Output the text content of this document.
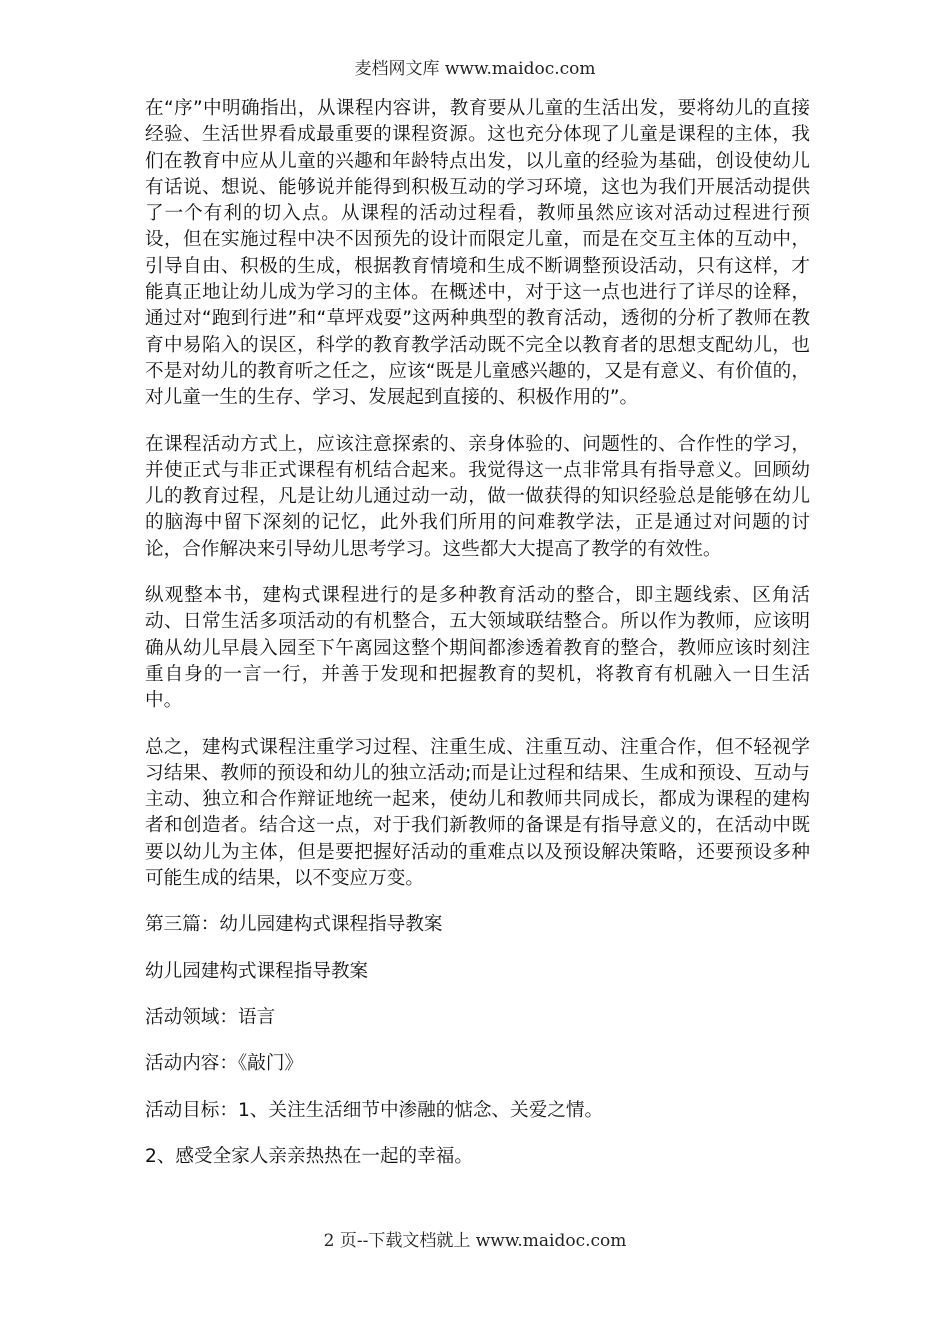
麦档网文库 www.maidoc.com

在“序”中明确指出，从课程内容讲，教育要从儿童的生活出发，要将幼儿的直接经验、生活世界看成最重要的课程资源。这也充分体现了儿童是课程的主体，我们在教育中应从儿童的兴趣和年龄特点出发，以儿童的经验为基础，创设使幼儿有话说、想说、能够说并能得到积极互动的学习环境，这也为我们开展活动提供了一个有利的切入点。从课程的活动过程看，教师虽然应该对活动过程进行预设，但在实施过程中决不因预先的设计而限定儿童，而是在交互主体的互动中，引导自由、积极的生成，根据教育情境和生成不断调整预设活动，只有这样，才能真正地让幼儿成为学习的主体。在概述中，对于这一点也进行了详尽的诠释，通过对“跑到行进”和“草坪戏耍”这两种典型的教育活动，透彻的分析了教师在教育中易陷入的误区，科学的教育教学活动既不完全以教育者的思想支配幼儿，也不是对幼儿的教育听之任之，应该“既是儿童感兴趣的，又是有意义、有价值的，对儿童一生的生存、学习、发展起到直接的、积极作用的”。

在课程活动方式上，应该注意探索的、亲身体验的、问题性的、合作性的学习，并使正式与非正式课程有机结合起来。我觉得这一点非常具有指导意义。回顾幼儿的教育过程，凡是让幼儿通过动一动，做一做获得的知识经验总是能够在幼儿的脑海中留下深刻的记忆，此外我们所用的问难教学法，正是通过对问题的讨论，合作解决来引导幼儿思考学习。这些都大大提高了教学的有效性。

纵观整本书，建构式课程进行的是多种教育活动的整合，即主题线索、区角活动、日常生活多项活动的有机整合，五大领域联结整合。所以作为教师，应该明确从幼儿早晨入园至下午离园这整个期间都渗透着教育的整合，教师应该时刻注重自身的一言一行，并善于发现和把握教育的契机，将教育有机融入一日生活中。

总之，建构式课程注重学习过程、注重生成、注重互动、注重合作，但不轻视学习结果、教师的预设和幼儿的独立活动;而是让过程和结果、生成和预设、互动与主动、独立和合作辩证地统一起来，使幼儿和教师共同成长，都成为课程的建构者和创造者。结合这一点，对于我们新教师的备课是有指导意义的，在活动中既要以幼儿为主体，但是要把握好活动的重难点以及预设解决策略，还要预设多种可能生成的结果，以不变应万变。

第三篇：幼儿园建构式课程指导教案

幼儿园建构式课程指导教案

活动领域：语言

活动内容：《敲门》

活动目标：1、关注生活细节中渗融的惦念、关爱之情。

2、感受全家人亲亲热热在一起的幸福。

2 页--下载文档就上 www.maidoc.com
